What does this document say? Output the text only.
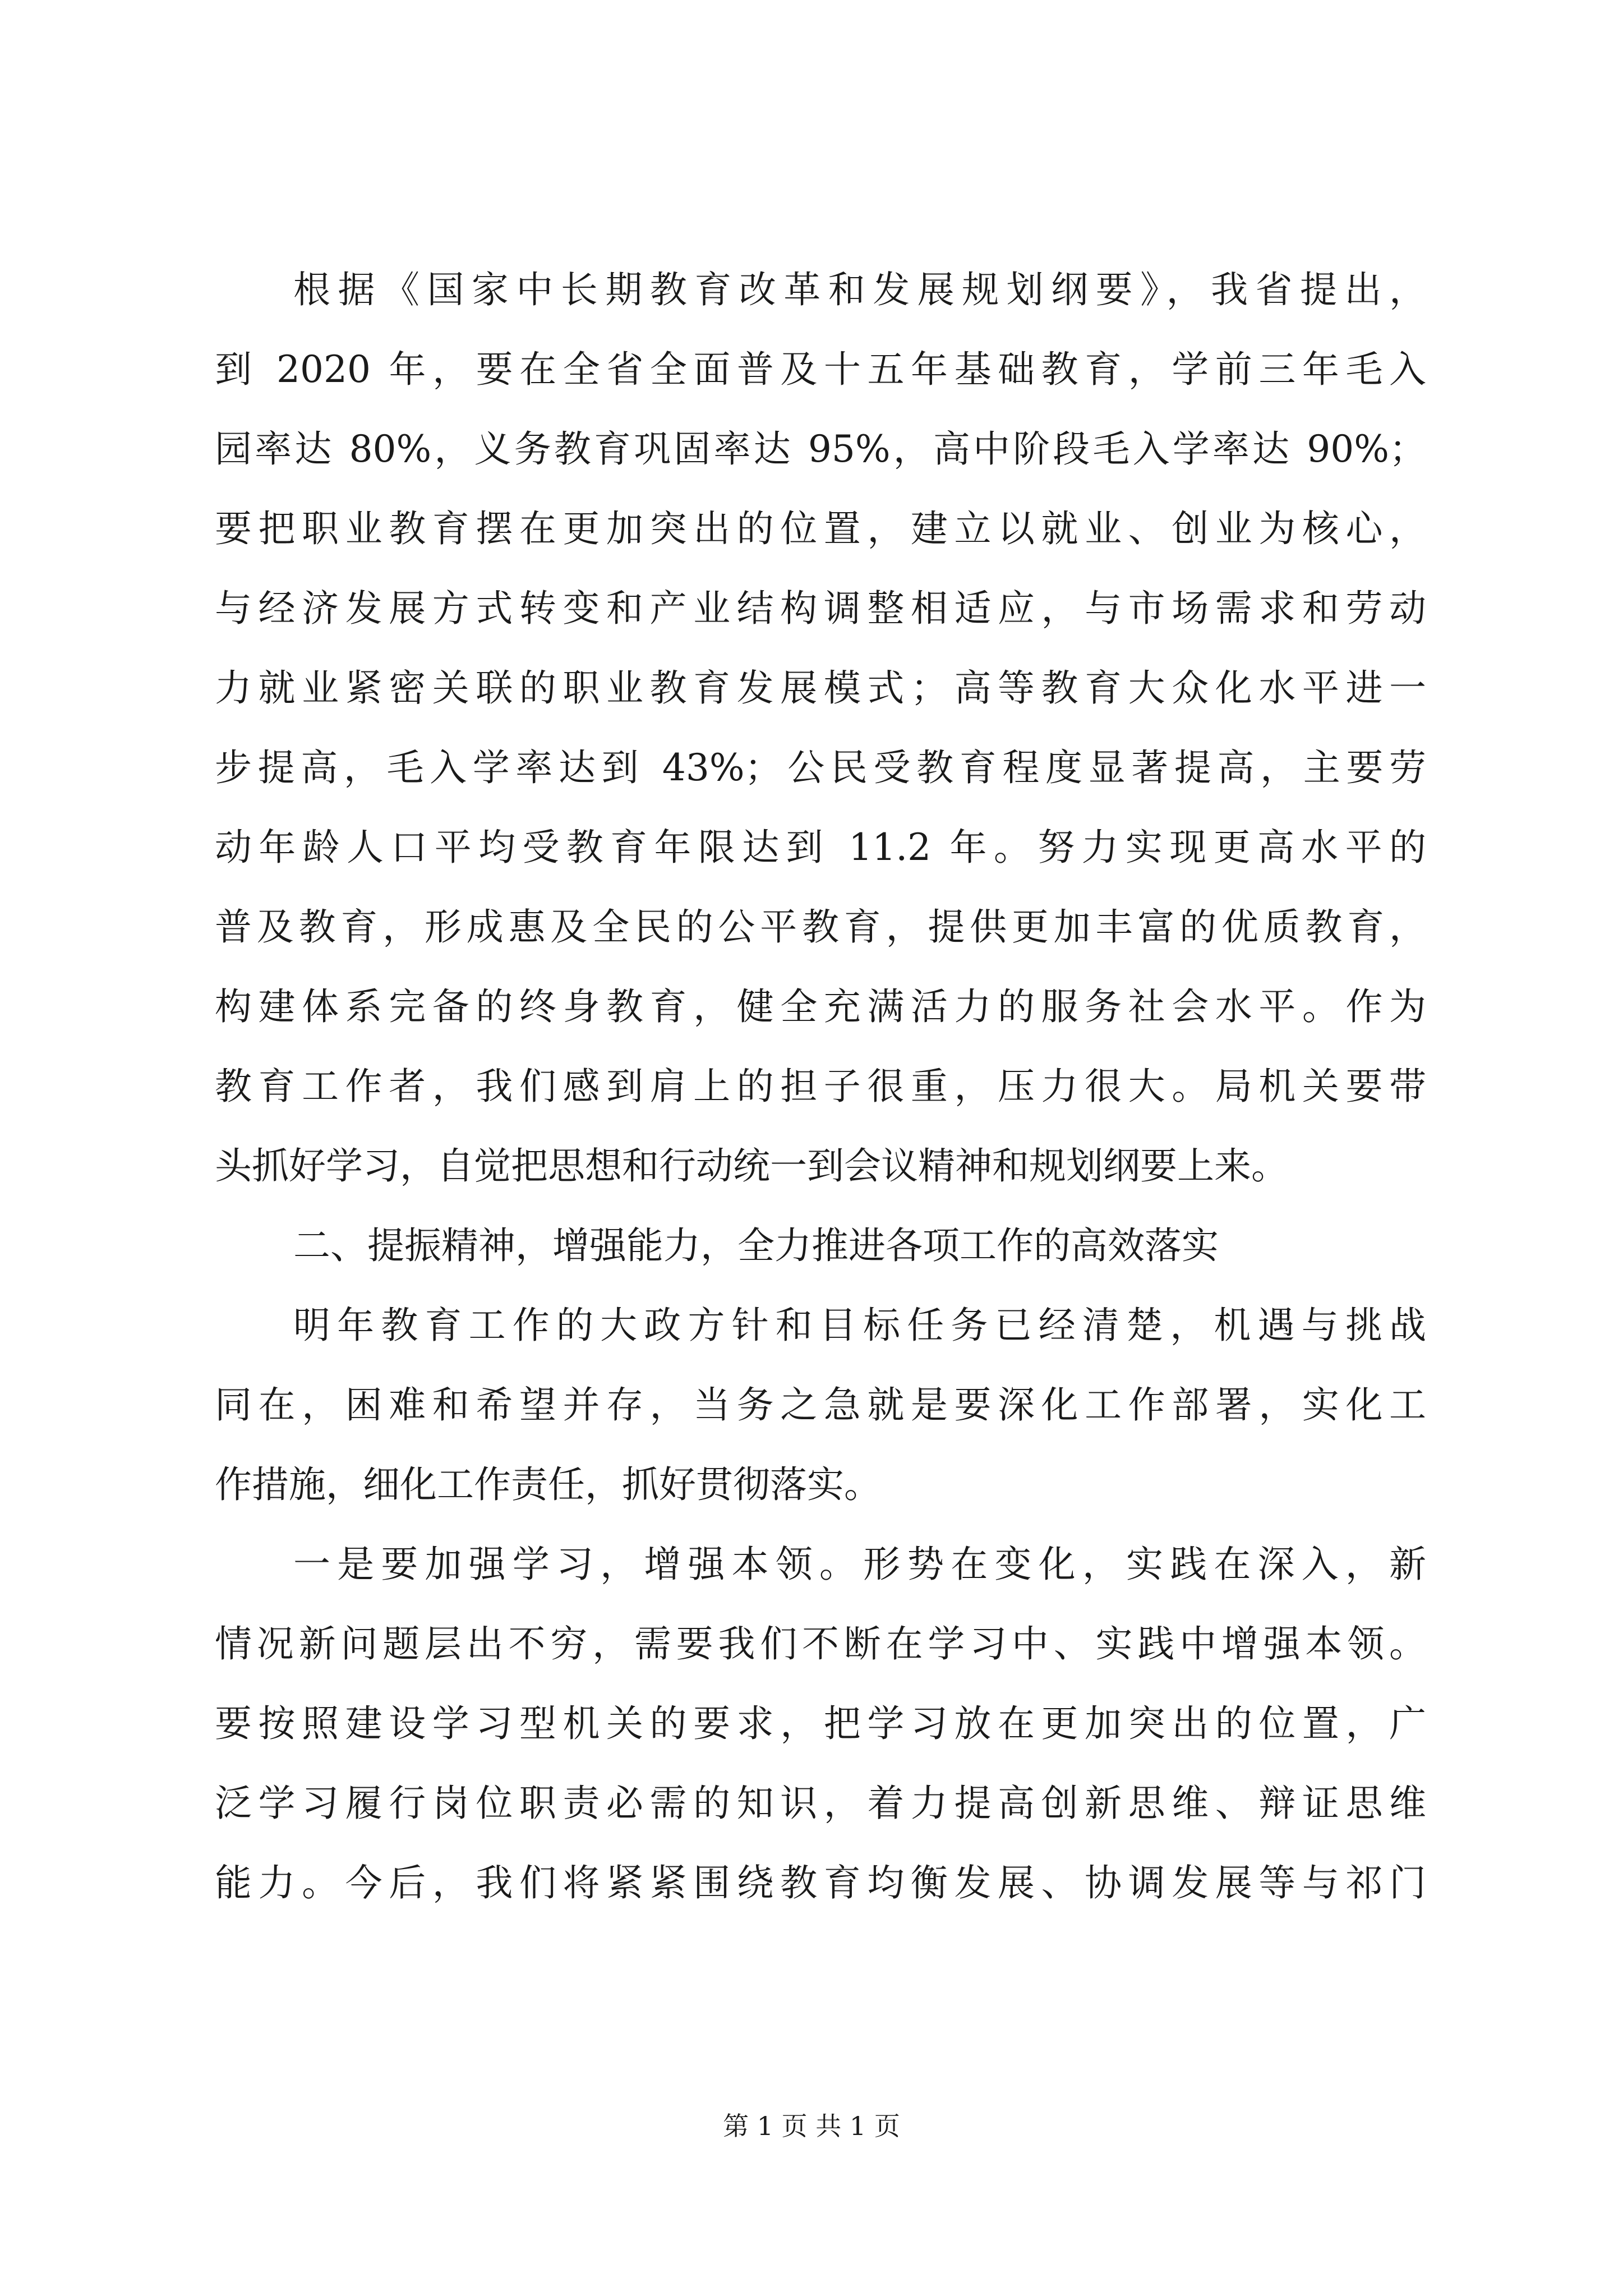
根据《国家中长期教育改革和发展规划纲要》，我省提出，
到 2020 年，要在全省全面普及十五年基础教育，学前三年毛入
园率达 80%，义务教育巩固率达 95%，高中阶段毛入学率达 90%；
要把职业教育摆在更加突出的位置，建立以就业、创业为核心，
与经济发展方式转变和产业结构调整相适应，与市场需求和劳动
力就业紧密关联的职业教育发展模式；高等教育大众化水平进一
步提高，毛入学率达到 43%；公民受教育程度显著提高，主要劳
动年龄人口平均受教育年限达到 11.2 年。努力实现更高水平的
普及教育，形成惠及全民的公平教育，提供更加丰富的优质教育，
构建体系完备的终身教育，健全充满活力的服务社会水平。作为
教育工作者，我们感到肩上的担子很重，压力很大。局机关要带
头抓好学习，自觉把思想和行动统一到会议精神和规划纲要上来。
二、提振精神，增强能力，全力推进各项工作的高效落实
明年教育工作的大政方针和目标任务已经清楚，机遇与挑战
同在，困难和希望并存，当务之急就是要深化工作部署，实化工
作措施，细化工作责任，抓好贯彻落实。
一是要加强学习，增强本领。形势在变化，实践在深入，新
情况新问题层出不穷，需要我们不断在学习中、实践中增强本领。
要按照建设学习型机关的要求，把学习放在更加突出的位置，广
泛学习履行岗位职责必需的知识，着力提高创新思维、辩证思维
能力。今后，我们将紧紧围绕教育均衡发展、协调发展等与祁门
第 1 页 共 1 页
